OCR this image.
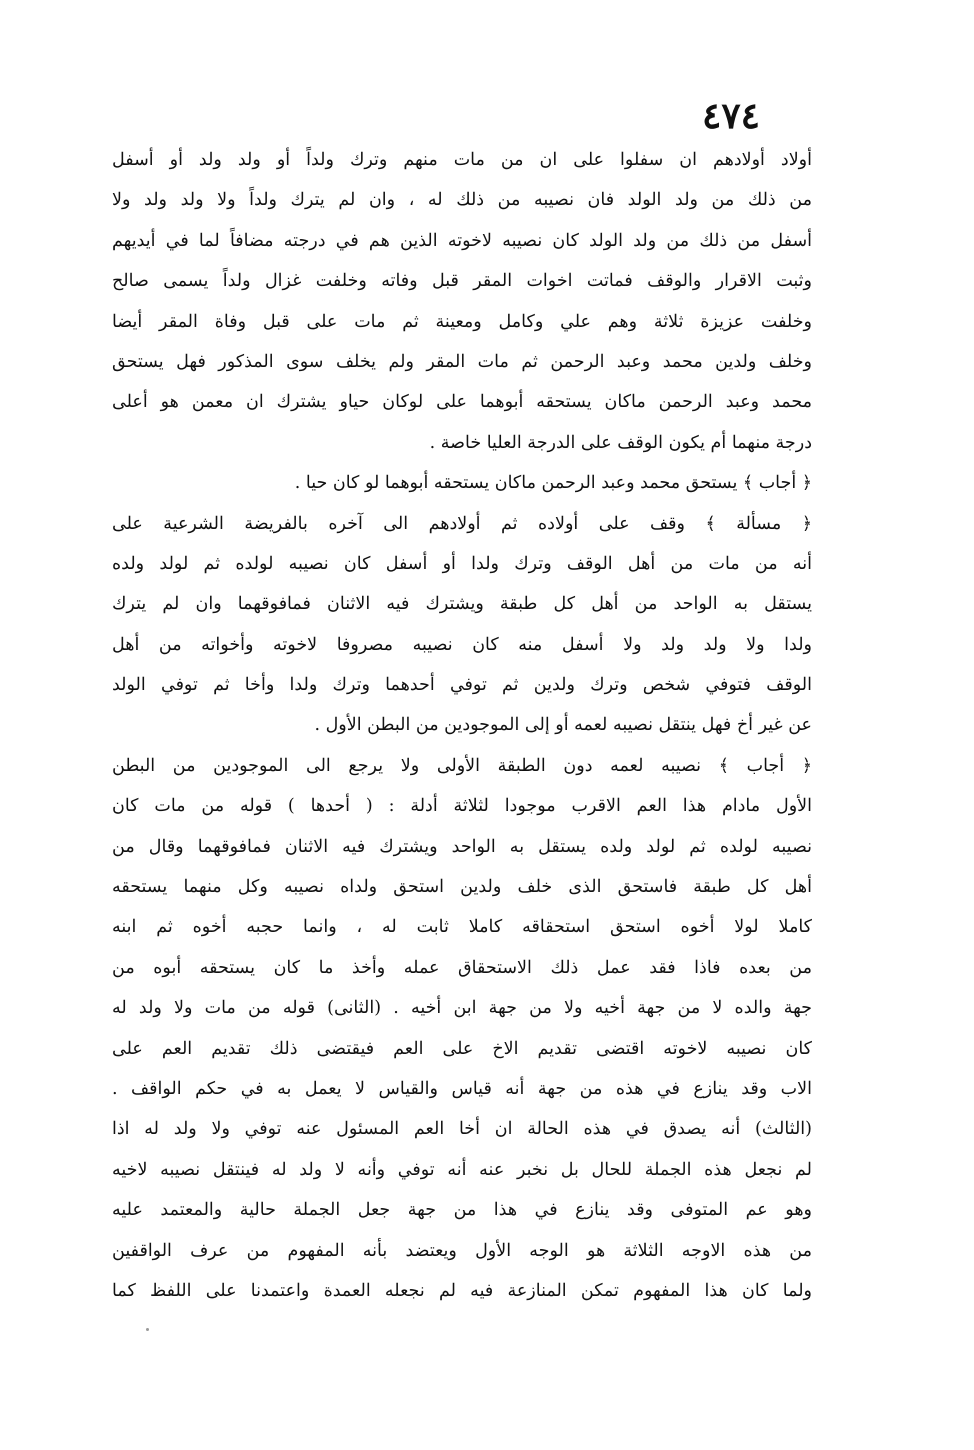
٤٧٤
أولاد أولادهم ان سفلوا على ان من مات منهم وترك ولداً أو ولد ولد أو أسفل
من ذلك من ولد الولد فان نصيبه من ذلك له ، وان لم يترك ولداً ولا ولد ولد ولا
أسفل من ذلك من ولد الولد كان نصيبه لاخوته الذين هم في درجته مضافاً لما في أيديهم
وثبت الاقرار والوقف فماتت اخوات المقر قبل وفاته وخلفت غزال ولداً يسمى صالح
وخلفت عزيزة ثلاثة وهم علي وكامل ومعينة ثم مات على قبل وفاة المقر أيضا
وخلف ولدين محمد وعبد الرحمن ثم مات المقر ولم يخلف سوى المذكور فهل يستحق
محمد وعبد الرحمن ماكان يستحقه أبوهما على لوكان حياو يشترك ان معمن هو أعلى
درجة منهما أم يكون الوقف على الدرجة العليا خاصة .
﴿ أجاب ﴾ يستحق محمد وعبد الرحمن ماكان يستحقه أبوهما لو كان حيا .
﴿ مسألة ﴾ وقف على أولاده ثم أولادهم الى آخره بالفريضة الشرعية على
أنه من مات من أهل الوقف وترك ولدا أو أسفل كان نصيبه لولده ثم لولد ولده
يستقل به الواحد من أهل كل طبقة ويشترك فيه الاثنان فمافوقهما وان لم يترك
ولدا ولا ولد ولد ولا أسفل منه كان نصيبه مصروفا لاخوته وأخواته من أهل
الوقف فتوفي شخص وترك ولدين ثم توفي أحدهما وترك ولدا وأخا ثم توفي الولد
عن غير أخ فهل ينتقل نصيبه لعمه أو إلى الموجودين من البطن الأول .
﴿ أجاب ﴾ نصيبه لعمه دون الطبقة الأولى ولا يرجع الى الموجودين من البطن
الأول مادام هذا العم الاقرب موجودا لثلاثة أدلة : ( أحدها ) قوله من مات كان
نصيبه لولده ثم لولد ولده يستقل به الواحد ويشترك فيه الاثنان فمافوقهما وقال من
أهل كل طبقة فاستحق الذى خلف ولدين استحق ولداه نصيبه وكل منهما يستحقه
كاملا لولا أخوه استحق استحقاقه كاملا ثابت له ، وانما حجبه أخوه ثم ابنه
من بعده فاذا فقد عمل ذلك الاستحقاق عمله وأخذ ما كان يستحقه أبوه من
جهة والده لا من جهة أخيه ولا من جهة ابن أخيه . (الثانى) قوله من مات ولا ولد له
كان نصيبه لاخوته اقتضى تقديم الاخ على العم فيقتضى ذلك تقديم العم على
الاب وقد ينازع في هذه من جهة أنه قياس والقياس لا يعمل به في حكم الواقف .
(الثالث) أنه يصدق في هذه الحالة ان أخا العم المسئول عنه توفي ولا ولد له اذا
لم نجعل هذه الجملة للحال بل نخبر عنه أنه توفي وأنه لا ولد له فينتقل نصيبه لاخيه
وهو عم المتوفى وقد ينازع في هذا من جهة جعل الجملة حالية والمعتمد عليه
من هذه الاوجه الثلاثة هو الوجه الأول ويعتضد بأنه المفهوم من عرف الواقفين
ولما كان هذا المفهوم تمكن المنازعة فيه لم نجعله العمدة واعتمدنا على اللفظ كما
